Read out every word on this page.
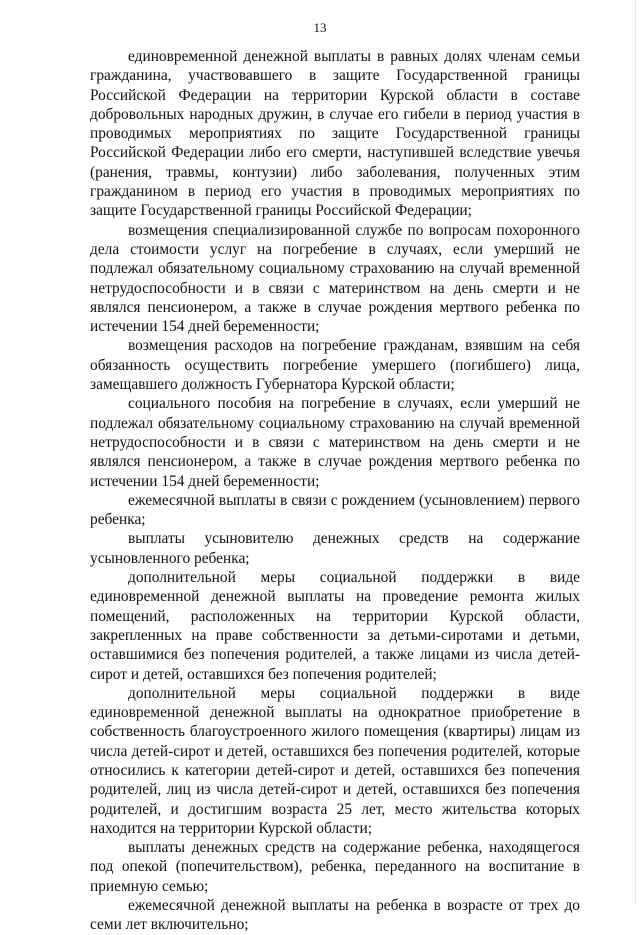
13

единовременной денежной выплаты в равных долях членам семьи гражданина, участвовавшего в защите Государственной границы Российской Федерации на территории Курской области в составе добровольных народных дружин, в случае его гибели в период участия в проводимых мероприятиях по защите Государственной границы Российской Федерации либо его смерти, наступившей вследствие увечья (ранения, травмы, контузии) либо заболевания, полученных этим гражданином в период его участия в проводимых мероприятиях по защите Государственной границы Российской Федерации;

возмещения специализированной службе по вопросам похоронного дела стоимости услуг на погребение в случаях, если умерший не подлежал обязательному социальному страхованию на случай временной нетрудоспособности и в связи с материнством на день смерти и не являлся пенсионером, а также в случае рождения мертвого ребенка по истечении 154 дней беременности;

возмещения расходов на погребение гражданам, взявшим на себя обязанность осуществить погребение умершего (погибшего) лица, замещавшего должность Губернатора Курской области;

социального пособия на погребение в случаях, если умерший не подлежал обязательному социальному страхованию на случай временной нетрудоспособности и в связи с материнством на день смерти и не являлся пенсионером, а также в случае рождения мертвого ребенка по истечении 154 дней беременности;

ежемесячной выплаты в связи с рождением (усыновлением) первого ребенка;

выплаты усыновителю денежных средств на содержание усыновленного ребенка;

дополнительной меры социальной поддержки в виде единовременной денежной выплаты на проведение ремонта жилых помещений, расположенных на территории Курской области, закрепленных на праве собственности за детьми-сиротами и детьми, оставшимися без попечения родителей, а также лицами из числа детей-сирот и детей, оставшихся без попечения родителей;

дополнительной меры социальной поддержки в виде единовременной денежной выплаты на однократное приобретение в собственность благоустроенного жилого помещения (квартиры) лицам из числа детей-сирот и детей, оставшихся без попечения родителей, которые относились к категории детей-сирот и детей, оставшихся без попечения родителей, лиц из числа детей-сирот и детей, оставшихся без попечения родителей, и достигшим возраста 25 лет, место жительства которых находится на территории Курской области;

выплаты денежных средств на содержание ребенка, находящегося под опекой (попечительством), ребенка, переданного на воспитание в приемную семью;

ежемесячной денежной выплаты на ребенка в возрасте от трех до семи лет включительно;
